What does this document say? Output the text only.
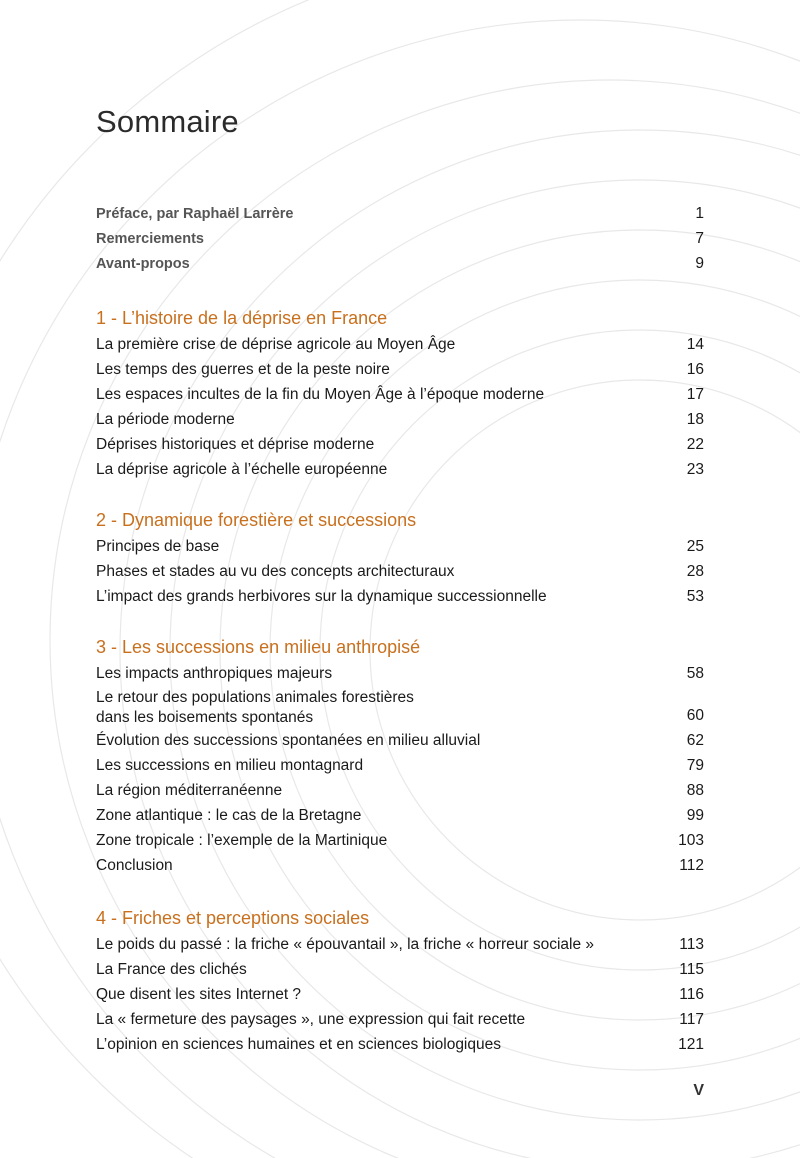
Sommaire
Préface, par Raphaël Larrère	1
Remerciements	7
Avant-propos	9
1 - L’histoire de la déprise en France
La première crise de déprise agricole au Moyen Âge	14
Les temps des guerres et de la peste noire	16
Les espaces incultes de la fin du Moyen Âge à l’époque moderne	17
La période moderne	18
Déprises historiques et déprise moderne	22
La déprise agricole à l’échelle européenne	23
2 - Dynamique forestière et successions
Principes de base	25
Phases et stades au vu des concepts architecturaux	28
L’impact des grands herbivores sur la dynamique successionnelle	53
3 - Les successions en milieu anthropisé
Les impacts anthropiques majeurs	58
Le retour des populations animales forestières
dans les boisements spontanés	60
Évolution des successions spontanées en milieu alluvial	62
Les successions en milieu montagnard	79
La région méditerranéenne	88
Zone atlantique : le cas de la Bretagne	99
Zone tropicale : l’exemple de la Martinique	103
Conclusion	112
4 - Friches et perceptions sociales
Le poids du passé : la friche « épouvantail », la friche « horreur sociale »	113
La France des clichés	115
Que disent les sites Internet ?	116
La « fermeture des paysages », une expression qui fait recette	117
L’opinion en sciences humaines et en sciences biologiques	121
V
